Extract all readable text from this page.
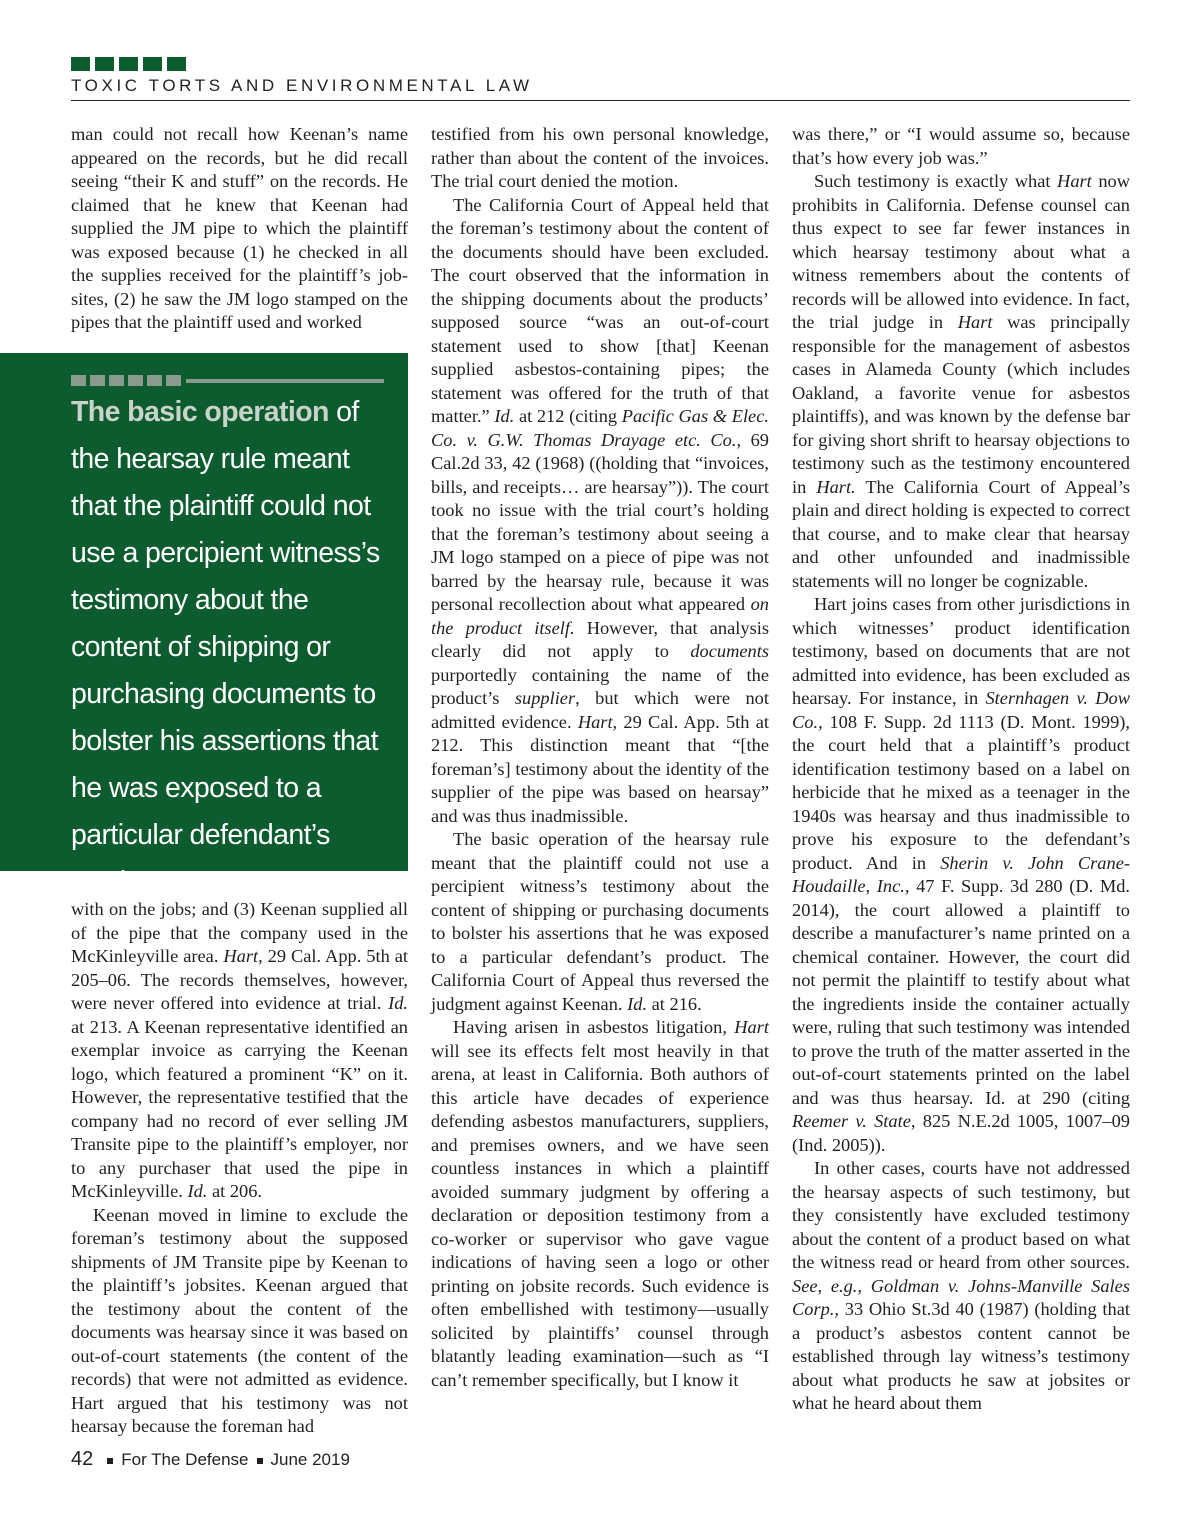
TOXIC TORTS AND ENVIRONMENTAL LAW

man could not recall how Keenan’s name appeared on the records, but he did recall seeing “their K and stuff” on the records. He claimed that he knew that Keenan had supplied the JM pipe to which the plaintiff was exposed because (1) he checked in all the supplies received for the plaintiff’s jobsites, (2) he saw the JM logo stamped on the pipes that the plaintiff used and worked

The basic operation of the hearsay rule meant that the plaintiff could not use a percipient witness’s testimony about the content of shipping or purchasing documents to bolster his assertions that he was exposed to a particular defendant’s product.

with on the jobs; and (3) Keenan supplied all of the pipe that the company used in the McKinleyville area. Hart, 29 Cal. App. 5th at 205–06. The records themselves, however, were never offered into evidence at trial. Id. at 213. A Keenan representative identified an exemplar invoice as carrying the Keenan logo, which featured a prominent “K” on it. However, the representative testified that the company had no record of ever selling JM Transite pipe to the plaintiff’s employer, nor to any purchaser that used the pipe in McKinleyville. Id. at 206.

Keenan moved in limine to exclude the foreman’s testimony about the supposed shipments of JM Transite pipe by Keenan to the plaintiff’s jobsites. Keenan argued that the testimony about the content of the documents was hearsay since it was based on out-of-court statements (the content of the records) that were not admitted as evidence. Hart argued that his testimony was not hearsay because the foreman had

testified from his own personal knowledge, rather than about the content of the invoices. The trial court denied the motion.

The California Court of Appeal held that the foreman’s testimony about the content of the documents should have been excluded. The court observed that the information in the shipping documents about the products’ supposed source “was an out-of-court statement used to show [that] Keenan supplied asbestos-containing pipes; the statement was offered for the truth of that matter.” Id. at 212 (citing Pacific Gas & Elec. Co. v. G.W. Thomas Drayage etc. Co., 69 Cal.2d 33, 42 (1968) ((holding that “invoices, bills, and receipts… are hearsay”)). The court took no issue with the trial court’s holding that the foreman’s testimony about seeing a JM logo stamped on a piece of pipe was not barred by the hearsay rule, because it was personal recollection about what appeared on the product itself. However, that analysis clearly did not apply to documents purportedly containing the name of the product’s supplier, but which were not admitted evidence. Hart, 29 Cal. App. 5th at 212. This distinction meant that “[the foreman’s] testimony about the identity of the supplier of the pipe was based on hearsay” and was thus inadmissible.

The basic operation of the hearsay rule meant that the plaintiff could not use a percipient witness’s testimony about the content of shipping or purchasing documents to bolster his assertions that he was exposed to a particular defendant’s product. The California Court of Appeal thus reversed the judgment against Keenan. Id. at 216.

Having arisen in asbestos litigation, Hart will see its effects felt most heavily in that arena, at least in California. Both authors of this article have decades of experience defending asbestos manufacturers, suppliers, and premises owners, and we have seen countless instances in which a plaintiff avoided summary judgment by offering a declaration or deposition testimony from a co-worker or supervisor who gave vague indications of having seen a logo or other printing on jobsite records. Such evidence is often embellished with testimony—usually solicited by plaintiffs’ counsel through blatantly leading examination—such as “I can’t remember specifically, but I know it

was there,” or “I would assume so, because that’s how every job was.”

Such testimony is exactly what Hart now prohibits in California. Defense counsel can thus expect to see far fewer instances in which hearsay testimony about what a witness remembers about the contents of records will be allowed into evidence. In fact, the trial judge in Hart was principally responsible for the management of asbestos cases in Alameda County (which includes Oakland, a favorite venue for asbestos plaintiffs), and was known by the defense bar for giving short shrift to hearsay objections to testimony such as the testimony encountered in Hart. The California Court of Appeal’s plain and direct holding is expected to correct that course, and to make clear that hearsay and other unfounded and inadmissible statements will no longer be cognizable.

Hart joins cases from other jurisdictions in which witnesses’ product identification testimony, based on documents that are not admitted into evidence, has been excluded as hearsay. For instance, in Sternhagen v. Dow Co., 108 F. Supp. 2d 1113 (D. Mont. 1999), the court held that a plaintiff’s product identification testimony based on a label on herbicide that he mixed as a teenager in the 1940s was hearsay and thus inadmissible to prove his exposure to the defendant’s product. And in Sherin v. John Crane-Houdaille, Inc., 47 F. Supp. 3d 280 (D. Md. 2014), the court allowed a plaintiff to describe a manufacturer’s name printed on a chemical container. However, the court did not permit the plaintiff to testify about what the ingredients inside the container actually were, ruling that such testimony was intended to prove the truth of the matter asserted in the out-of-court statements printed on the label and was thus hearsay. Id. at 290 (citing Reemer v. State, 825 N.E.2d 1005, 1007–09 (Ind. 2005)).

In other cases, courts have not addressed the hearsay aspects of such testimony, but they consistently have excluded testimony about the content of a product based on what the witness read or heard from other sources. See, e.g., Goldman v. Johns-Manville Sales Corp., 33 Ohio St.3d 40 (1987) (holding that a product’s asbestos content cannot be established through lay witness’s testimony about what products he saw at jobsites or what he heard about them

42 For The Defense June 2019
